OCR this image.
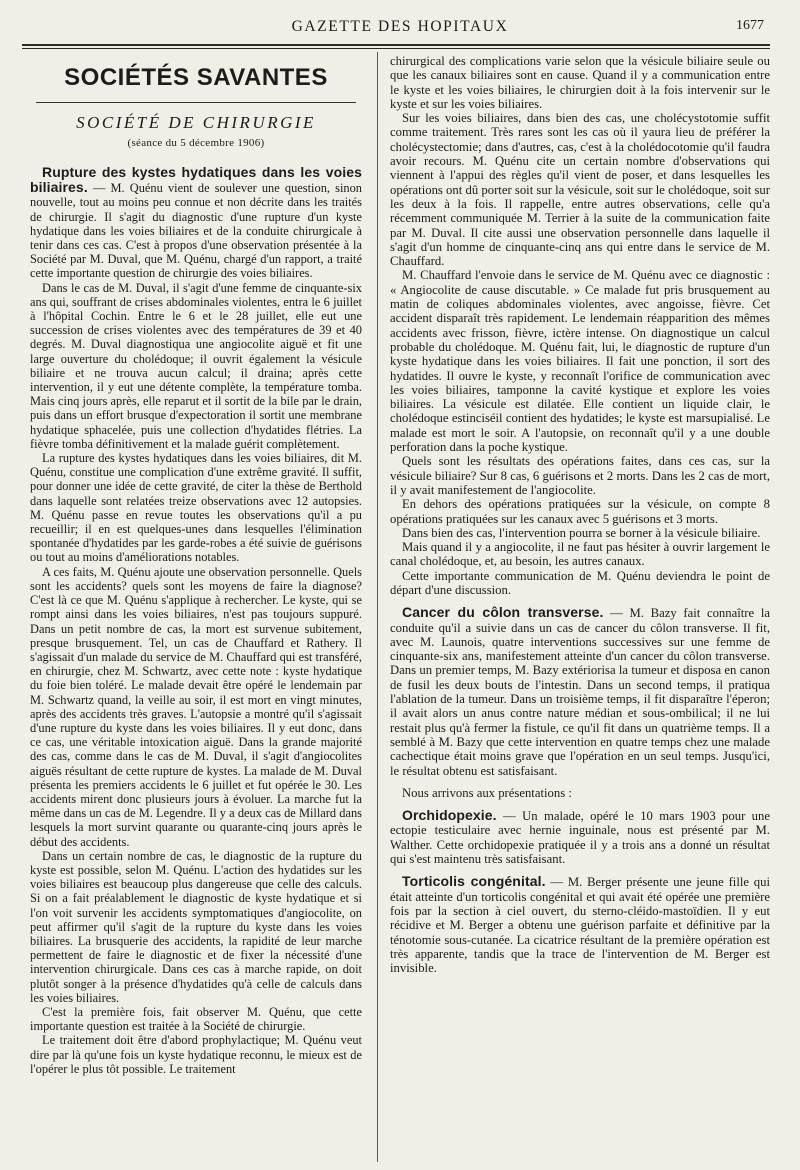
GAZETTE DES HOPITAUX	1677
SOCIÉTÉS SAVANTES
SOCIÉTÉ DE CHIRURGIE
(séance du 5 décembre 1906)

Rupture des kystes hydatiques dans les voies biliaires. — M. Quénu vient de soulever une question, sinon nouvelle, tout au moins peu connue et non décrite dans les traités de chirurgie. Il s'agit du diagnostic d'une rupture d'un kyste hydatique dans les voies biliaires et de la conduite chirurgicale à tenir dans ces cas. C'est à propos d'une observation présentée à la Société par M. Duval, que M. Quénu, chargé d'un rapport, a traité cette importante question de chirurgie des voies biliaires.

Dans le cas de M. Duval, il s'agit d'une femme de cinquante-six ans qui, souffrant de crises abdominales violentes, entra le 6 juillet à l'hôpital Cochin. Entre le 6 et le 28 juillet, elle eut une succession de crises violentes avec des températures de 39 et 40 degrés. M. Duval diagnostiqua une angiocolite aiguë et fit une large ouverture du cholédoque; il ouvrit également la vésicule biliaire et ne trouva aucun calcul; il draina; après cette intervention, il y eut une détente complète, la température tomba. Mais cinq jours après, elle reparut et il sortit de la bile par le drain, puis dans un effort brusque d'expectoration il sortit une membrane hydatique sphacelée, puis une collection d'hydatides flétries. La fièvre tomba définitivement et la malade guérit complètement.

La rupture des kystes hydatiques dans les voies biliaires, dit M. Quénu, constitue une complication d'une extrême gravité. Il suffit, pour donner une idée de cette gravité, de citer la thèse de Berthold dans laquelle sont relatées treize observations avec 12 autopsies. M. Quénu passe en revue toutes les observations qu'il a pu recueillir; il en est quelques-unes dans lesquelles l'élimination spontanée d'hydatides par les garde-robes a été suivie de guérisons ou tout au moins d'améliorations notables.

A ces faits, M. Quénu ajoute une observation personnelle. Quels sont les accidents? quels sont les moyens de faire la diagnose? C'est là ce que M. Quénu s'applique à rechercher. Le kyste, qui se rompt ainsi dans les voies biliaires, n'est pas toujours suppuré. Dans un petit nombre de cas, la mort est survenue subitement, presque brusquement. Tel, un cas de Chauffard et Rathery. Il s'agissait d'un malade du service de M. Chauffard qui est transféré, en chirurgie, chez M. Schwartz, avec cette note : kyste hydatique du foie bien toléré. Le malade devait être opéré le lendemain par M. Schwartz quand, la veille au soir, il est mort en vingt minutes, après des accidents très graves. L'autopsie a montré qu'il s'agissait d'une rupture du kyste dans les voies biliaires. Il y eut donc, dans ce cas, une véritable intoxication aiguë. Dans la grande majorité des cas, comme dans le cas de M. Duval, il s'agit d'angiocolites aiguës résultant de cette rupture de kystes. La malade de M. Duval présenta les premiers accidents le 6 juillet et fut opérée le 30. Les accidents mirent donc plusieurs jours à évoluer. La marche fut la même dans un cas de M. Legendre. Il y a deux cas de Millard dans lesquels la mort survint quarante ou quarante-cinq jours après le début des accidents.

Dans un certain nombre de cas, le diagnostic de la rupture du kyste est possible, selon M. Quénu. L'action des hydatides sur les voies biliaires est beaucoup plus dangereuse que celle des calculs. Si on a fait préalablement le diagnostic de kyste hydatique et si l'on voit survenir les accidents symptomatiques d'angiocolite, on peut affirmer qu'il s'agit de la rupture du kyste dans les voies biliaires. La brusquerie des accidents, la rapidité de leur marche permettent de faire le diagnostic et de fixer la nécessité d'une intervention chirurgicale. Dans ces cas à marche rapide, on doit plutôt songer à la présence d'hydatides qu'à celle de calculs dans les voies biliaires.

C'est la première fois, fait observer M. Quénu, que cette importante question est traitée à la Société de chirurgie.

Le traitement doit être d'abord prophylactique; M. Quénu veut dire par là qu'une fois un kyste hydatique reconnu, le mieux est de l'opérer le plus tôt possible. Le traitement

chirurgical des complications varie selon que la vésicule biliaire seule ou que les canaux biliaires sont en cause. Quand il y a communication entre le kyste et les voies biliaires, le chirurgien doit à la fois intervenir sur le kyste et sur les voies biliaires.

Sur les voies biliaires, dans bien des cas, une cholécystotomie suffit comme traitement. Très rares sont les cas où il yaura lieu de préférer la cholécystectomie; dans d'autres, cas, c'est à la cholédocotomie qu'il faudra avoir recours. M. Quénu cite un certain nombre d'observations qui viennent à l'appui des règles qu'il vient de poser, et dans lesquelles les opérations ont dû porter soit sur la vésicule, soit sur le cholédoque, soit sur les deux à la fois. Il rappelle, entre autres observations, celle qu'a récemment communiquée M. Terrier à la suite de la communication faite par M. Duval. Il cite aussi une observation personnelle dans laquelle il s'agit d'un homme de cinquante-cinq ans qui entre dans le service de M. Chauffard.

M. Chauffard l'envoie dans le service de M. Quénu avec ce diagnostic : « Angiocolite de cause discutable. » Ce malade fut pris brusquement au matin de coliques abdominales violentes, avec angoisse, fièvre. Cet accident disparaît très rapidement. Le lendemain réapparition des mêmes accidents avec frisson, fièvre, ictère intense. On diagnostique un calcul probable du cholédoque. M. Quénu fait, lui, le diagnostic de rupture d'un kyste hydatique dans les voies biliaires. Il fait une ponction, il sort des hydatides. Il ouvre le kyste, y reconnaît l'orifice de communication avec les voies biliaires, tamponne la cavité kystique et explore les voies biliaires. La vésicule est dilatée. Elle contient un liquide clair, le cholédoque estinciséil contient des hydatides; le kyste est marsupialisé. Le malade est mort le soir. A l'autopsie, on reconnaît qu'il y a une double perforation dans la poche kystique.

Quels sont les résultats des opérations faites, dans ces cas, sur la vésicule biliaire? Sur 8 cas, 6 guérisons et 2 morts. Dans les 2 cas de mort, il y avait manifestement de l'angiocolite.

En dehors des opérations pratiquées sur la vésicule, on compte 8 opérations pratiquées sur les canaux avec 5 guérisons et 3 morts.

Dans bien des cas, l'intervention pourra se borner à la vésicule biliaire.

Mais quand il y a angiocolite, il ne faut pas hésiter à ouvrir largement le canal cholédoque, et, au besoin, les autres canaux.

Cette importante communication de M. Quénu deviendra le point de départ d'une discussion.

Cancer du côlon transverse. — M. Bazy fait connaître la conduite qu'il a suivie dans un cas de cancer du côlon transverse. Il fit, avec M. Launois, quatre interventions successives sur une femme de cinquante-six ans, manifestement atteinte d'un cancer du côlon transverse. Dans un premier temps, M. Bazy extériorisa la tumeur et disposa en canon de fusil les deux bouts de l'intestin. Dans un second temps, il pratiqua l'ablation de la tumeur. Dans un troisième temps, il fit disparaître l'éperon; il avait alors un anus contre nature médian et sous-ombilical; il ne lui restait plus qu'à fermer la fistule, ce qu'il fit dans un quatrième temps. Il a semblé à M. Bazy que cette intervention en quatre temps chez une malade cachectique était moins grave que l'opération en un seul temps. Jusqu'ici, le résultat obtenu est satisfaisant.

Nous arrivons aux présentations :

Orchidopexie. — Un malade, opéré le 10 mars 1903 pour une ectopie testiculaire avec hernie inguinale, nous est présenté par M. Walther. Cette orchidopexie pratiquée il y a trois ans a donné un résultat qui s'est maintenu très satisfaisant.

Torticolis congénital. — M. Berger présente une jeune fille qui était atteinte d'un torticolis congénital et qui avait été opérée une première fois par la section à ciel ouvert, du sterno-cléido-mastoïdien. Il y eut récidive et M. Berger a obtenu une guérison parfaite et définitive par la ténotomie sous-cutanée. La cicatrice résultant de la première opération est très apparente, tandis que la trace de l'intervention de M. Berger est invisible.
